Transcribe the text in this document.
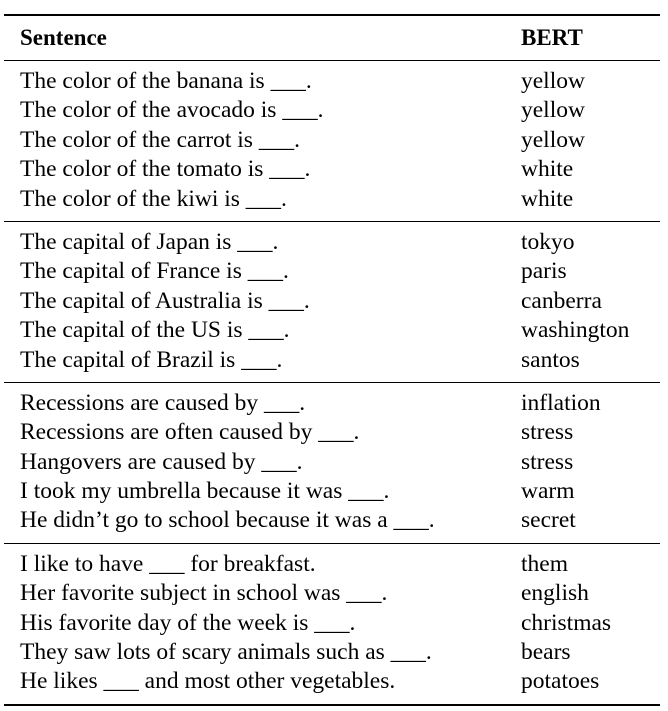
Sentence	BERT
The color of the banana is ___.	yellow
The color of the avocado is ___.	yellow
The color of the carrot is ___.	yellow
The color of the tomato is ___.	white
The color of the kiwi is ___.	white
The capital of Japan is ___.	tokyo
The capital of France is ___.	paris
The capital of Australia is ___.	canberra
The capital of the US is ___.	washington
The capital of Brazil is ___.	santos
Recessions are caused by ___.	inflation
Recessions are often caused by ___.	stress
Hangovers are caused by ___.	stress
I took my umbrella because it was ___.	warm
He didn’t go to school because it was a ___.	secret
I like to have ___ for breakfast.	them
Her favorite subject in school was ___.	english
His favorite day of the week is ___.	christmas
They saw lots of scary animals such as ___.	bears
He likes ___ and most other vegetables.	potatoes
